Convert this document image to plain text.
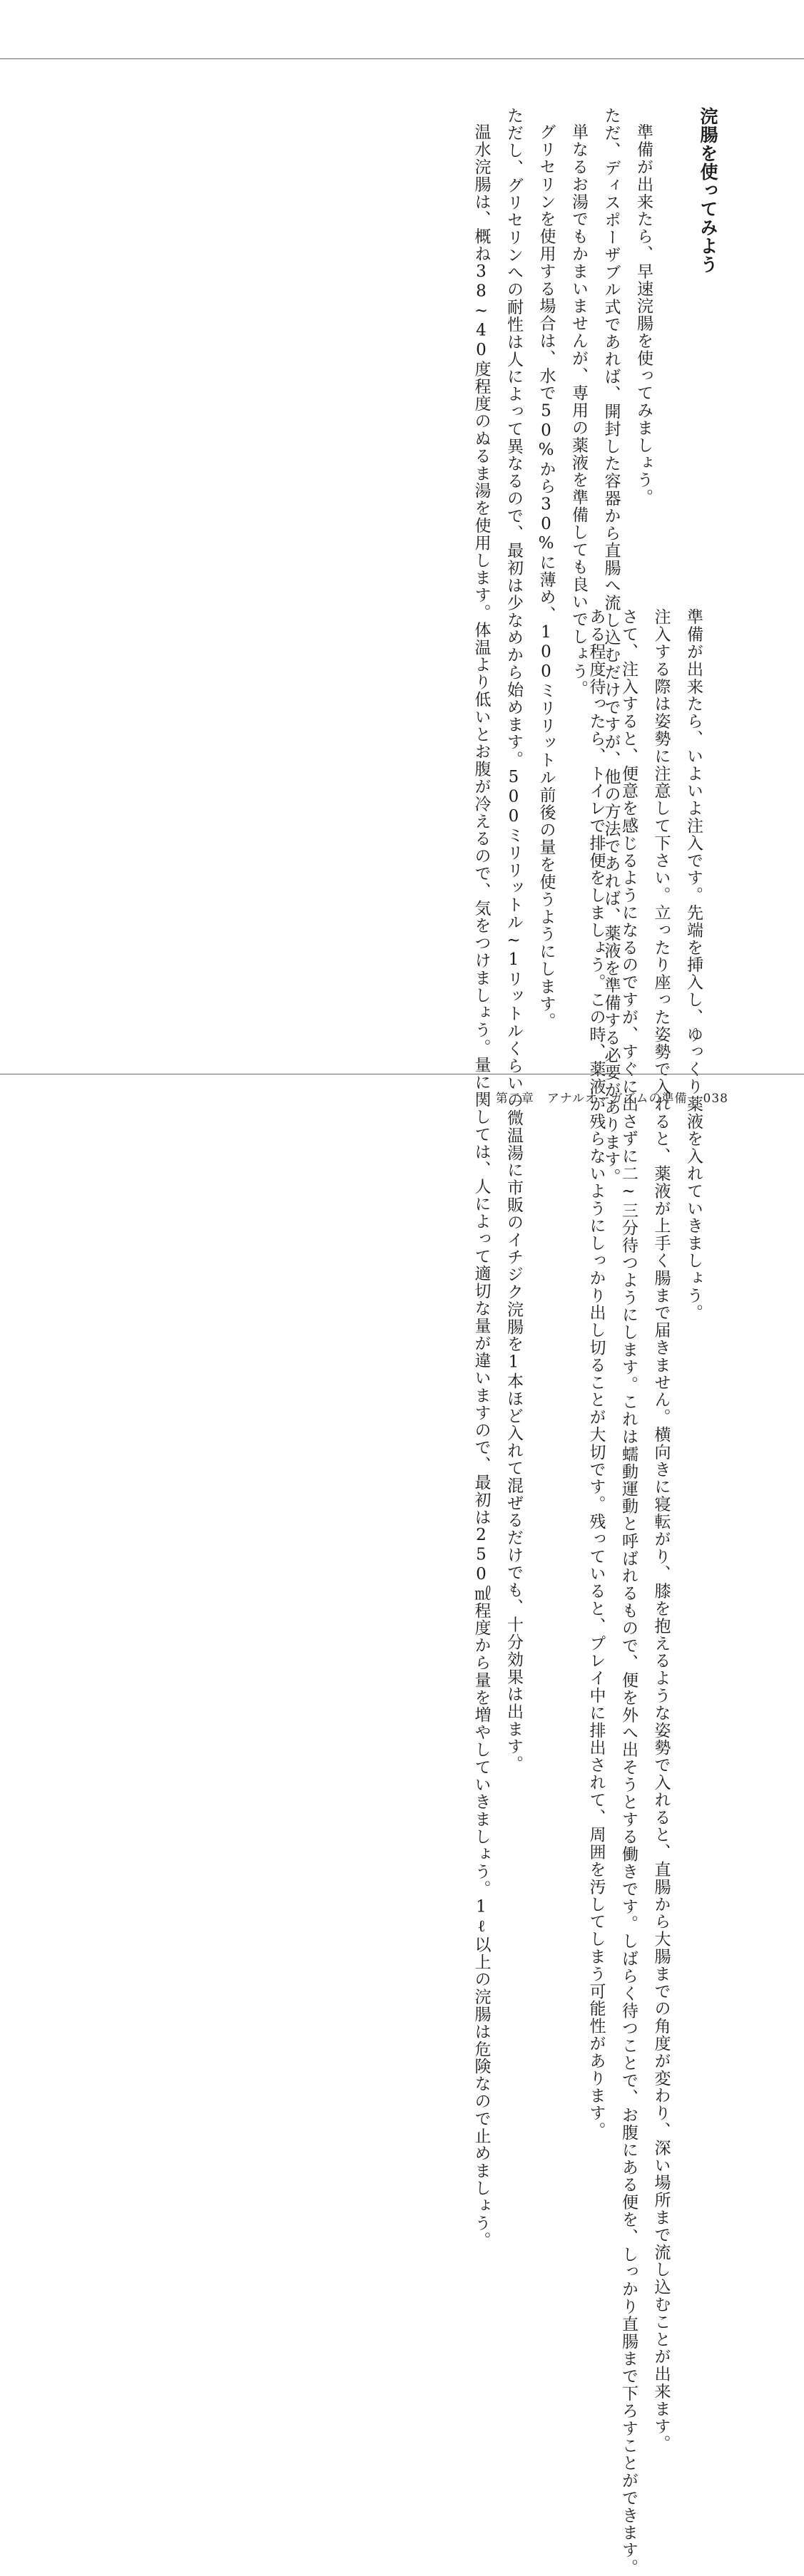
浣腸を使ってみよう

準備が出来たら、早速浣腸を使ってみましょう。

ただ、ディスポーザブル式であれば、開封した容器から直腸へ流し込むだけですが、他の方法であれば、薬液を準備する必要があります。

単なるお湯でもかまいませんが、専用の薬液を準備しても良いでしょう。

グリセリンを使用する場合は、水で50%から30%に薄め、100ミリリットル前後の量を使うようにします。

ただし、グリセリンへの耐性は人によって異なるので、最初は少なめから始めます。500ミリリットル~1リットルくらいの微温湯に市販のイチジク浣腸を1本ほど入れて混ぜるだけでも、十分効果は出ます。

温水浣腸は、概ね38~40度程度のぬるま湯を使用します。体温より低いとお腹が冷えるので、気をつけましょう。量に関しては、人によって適切な量が違いますので、最初は250㎖程度から量を増やしていきましょう。1ℓ以上の浣腸は危険なので止めましょう。	準備が出来たら、いよいよ注入です。先端を挿入し、ゆっくり薬液を入れていきましょう。

注入する際は姿勢に注意して下さい。立ったり座った姿勢で入れると、薬液が上手く腸まで届きません。横向きに寝転がり、膝を抱えるような姿勢で入れると、直腸から大腸までの角度が変わり、深い場所まで流し込むことが出来ます。

さて、注入すると、便意を感じるようになるのですが、すぐに出さずに二~三分待つようにします。これは蠕動運動と呼ばれるもので、便を外へ出そうとする働きです。しばらく待つことで、お腹にある便を、しっかり直腸まで下ろすことができます。

ある程度待ったら、トイレで排便をしましょう。この時、薬液が残らないようにしっかり出し切ることが大切です。残っていると、プレイ中に排出されて、周囲を汚してしまう可能性があります。

第二章　アナルオーガズムの準備 038
